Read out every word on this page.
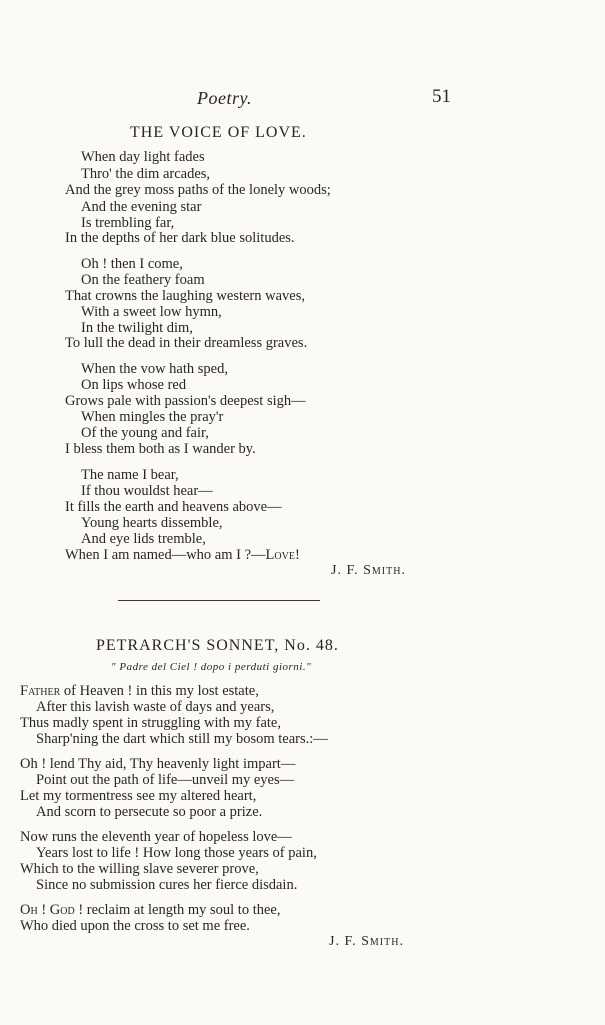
Poetry.	51
THE VOICE OF LOVE.
When day light fades
Thro' the dim arcades,
And the grey moss paths of the lonely woods;
And the evening star
Is trembling far,
In the depths of her dark blue solitudes.
Oh ! then I come,
On the feathery foam
That crowns the laughing western waves,
With a sweet low hymn,
In the twilight dim,
To lull the dead in their dreamless graves.
When the vow hath sped,
On lips whose red
Grows pale with passion's deepest sigh—
When mingles the pray'r
Of the young and fair,
I bless them both as I wander by.
The name I bear,
If thou wouldst hear—
It fills the earth and heavens above—
Young hearts dissemble,
And eye lids tremble,
When I am named—who am I ?—Love!
J. F. Smith.
PETRARCH'S SONNET, No. 48.
" Padre del Ciel ! dopo i perduti giorni."
Father of Heaven ! in this my lost estate,
After this lavish waste of days and years,
Thus madly spent in struggling with my fate,
Sharp'ning the dart which still my bosom tears.:—
Oh ! lend Thy aid, Thy heavenly light impart—
Point out the path of life—unveil my eyes—
Let my tormentress see my altered heart,
And scorn to persecute so poor a prize.
Now runs the eleventh year of hopeless love—
Years lost to life ! How long those years of pain,
Which to the willing slave severer prove,
Since no submission cures her fierce disdain.
Oh ! God ! reclaim at length my soul to thee,
Who died upon the cross to set me free.
J. F. Smith.
